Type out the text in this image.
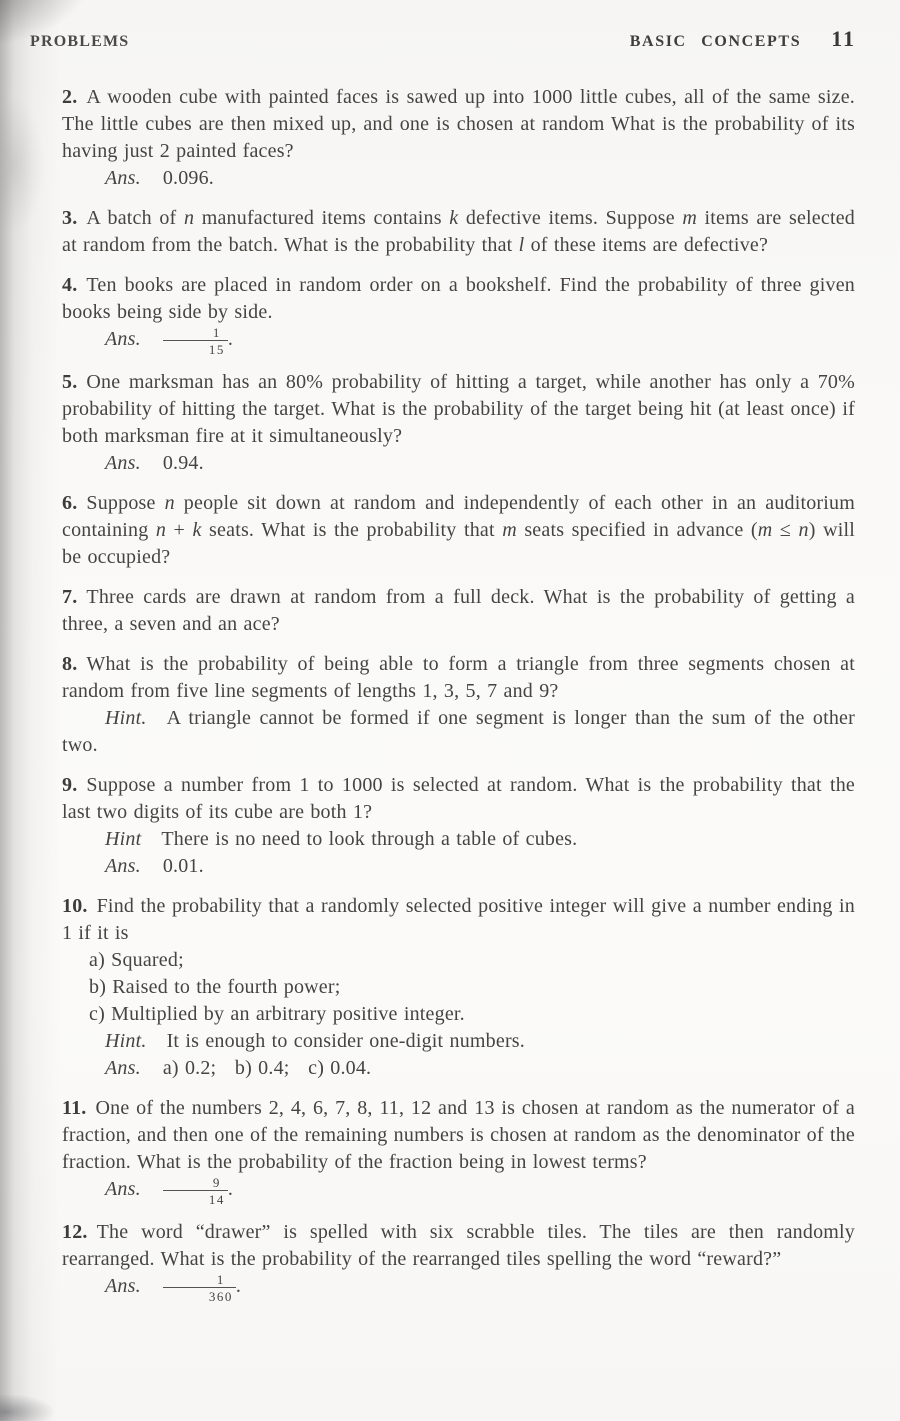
PROBLEMS	BASIC CONCEPTS 11

2. A wooden cube with painted faces is sawed up into 1000 little cubes, all of the same size. The little cubes are then mixed up, and one is chosen at random What is the probability of its having just 2 painted faces?

Ans. 0.096.

3. A batch of n manufactured items contains k defective items. Suppose m items are selected at random from the batch. What is the probability that l of these items are defective?

4. Ten books are placed in random order on a bookshelf. Find the probability of three given books being side by side.

Ans. $\frac{1}{15}$ .

5. One marksman has an 80% probability of hitting a target, while another has only a 70% probability of hitting the target. What is the probability of the target being hit (at least once) if both marksman fire at it simultaneously?

Ans. 0.94.

6. Suppose n people sit down at random and independently of each other in an auditorium containing n + k seats. What is the probability that m seats specified in advance (m ≤ n) will be occupied?

7. Three cards are drawn at random from a full deck. What is the probability of getting a three, a seven and an ace?

8. What is the probability of being able to form a triangle from three segments chosen at random from five line segments of lengths 1, 3, 5, 7 and 9?

Hint. A triangle cannot be formed if one segment is longer than the sum of the other two.

9. Suppose a number from 1 to 1000 is selected at random. What is the probability that the last two digits of its cube are both 1?

Hint There is no need to look through a table of cubes.

Ans. 0.01.

10. Find the probability that a randomly selected positive integer will give a number ending in 1 if it is

a) Squared;

b) Raised to the fourth power;

c) Multiplied by an arbitrary positive integer.

Hint. It is enough to consider one-digit numbers.

Ans. a) 0.2;   b) 0.4;   c) 0.04.

11. One of the numbers 2, 4, 6, 7, 8, 11, 12 and 13 is chosen at random as the numerator of a fraction, and then one of the remaining numbers is chosen at random as the denominator of the fraction. What is the probability of the fraction being in lowest terms?

Ans. $\frac{9}{14}$ .

12. The word “drawer” is spelled with six scrabble tiles. The tiles are then randomly rearranged. What is the probability of the rearranged tiles spelling the word “reward?”

Ans. $\frac{1}{360}$ .
